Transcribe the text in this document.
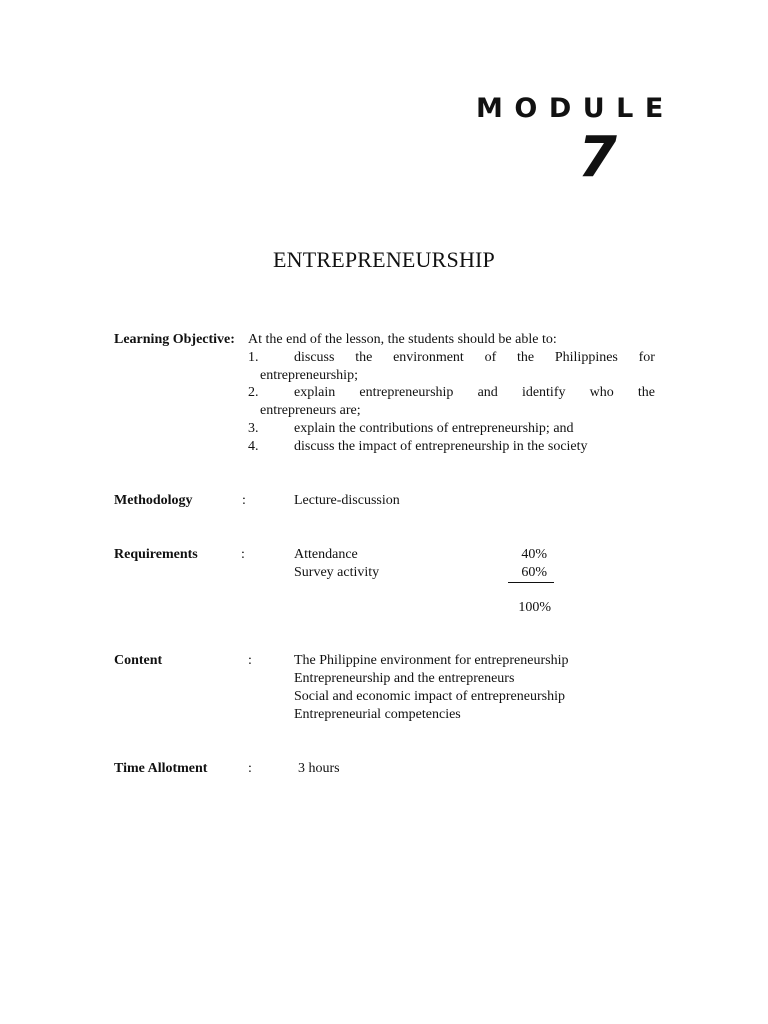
MODULE
7
ENTREPRENEURSHIP
Learning Objective: At the end of the lesson, the students should be able to:
1.	discuss the environment of the Philippines for
entrepreneurship;
2.	explain entrepreneurship and identify who the
entrepreneurs are;
3.	explain the contributions of entrepreneurship; and
4.	discuss the impact of entrepreneurship in the society
Methodology	:	Lecture-discussion
Requirements	:	Attendance	40%
Survey activity	60%
100%
Content	:	The Philippine environment for entrepreneurship
Entrepreneurship and the entrepreneurs
Social and economic impact of entrepreneurship
Entrepreneurial competencies
Time Allotment	:	3 hours
